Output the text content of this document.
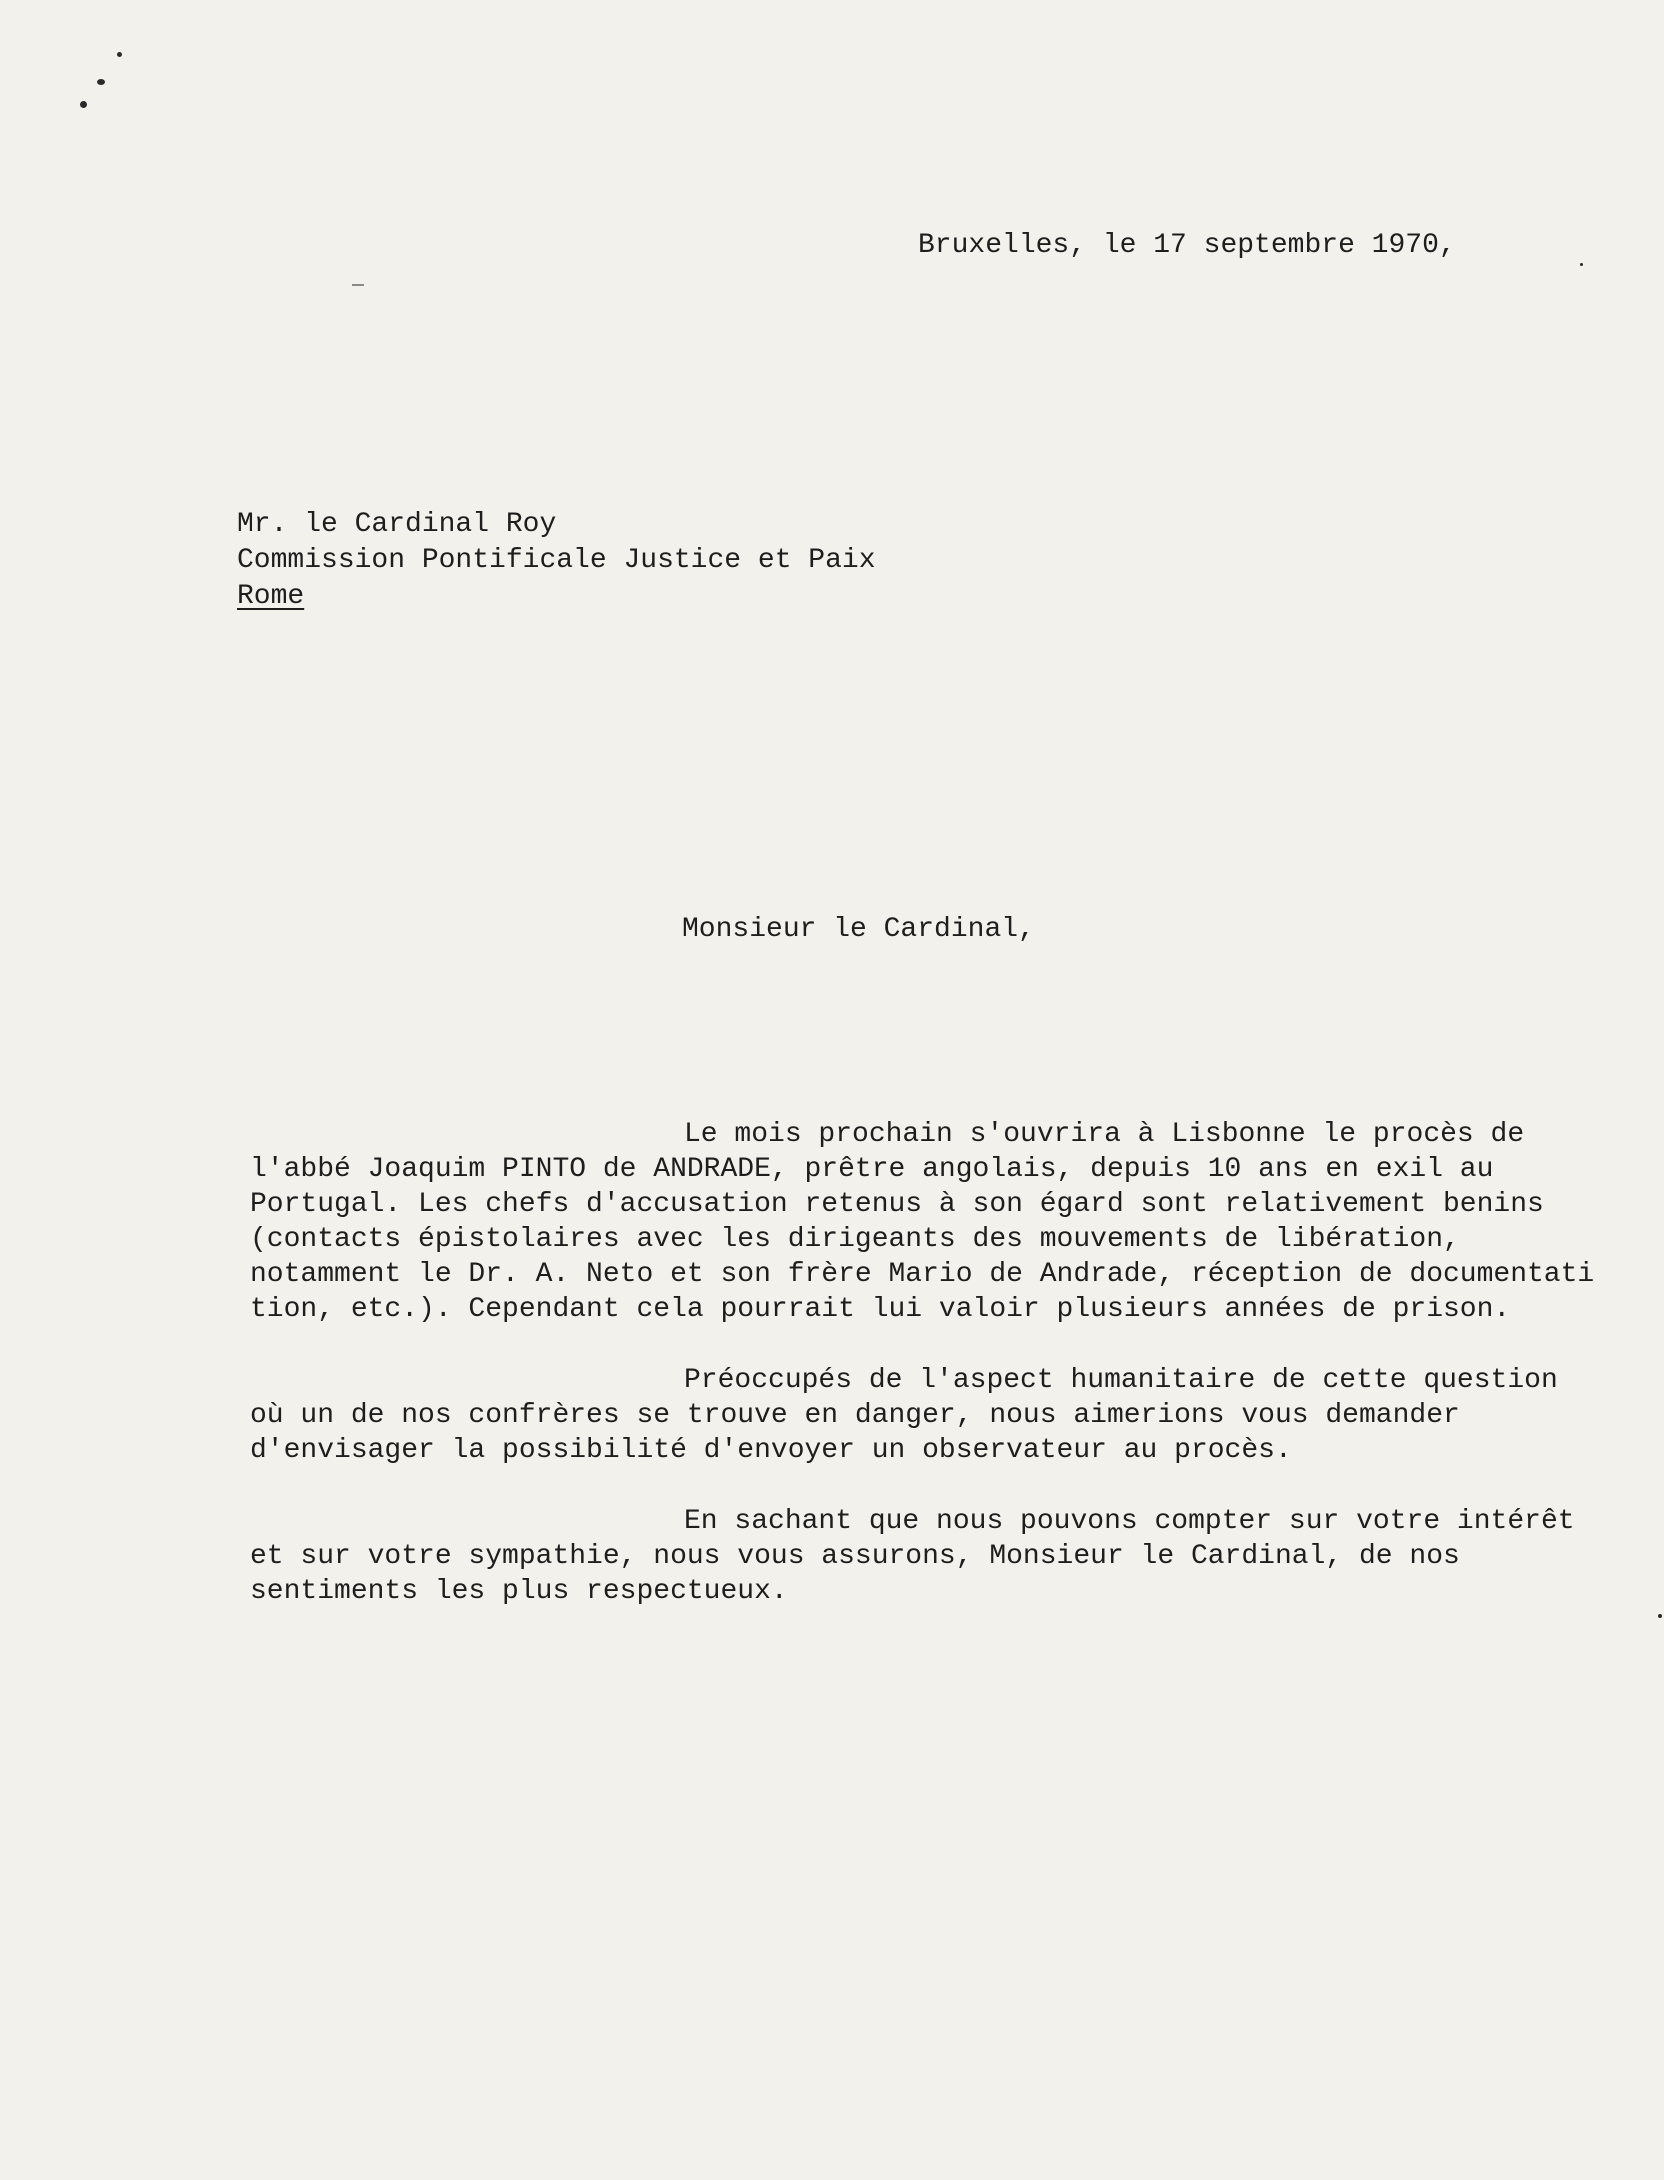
Bruxelles, le 17 septembre 1970,
Mr. le Cardinal Roy
Commission Pontificale Justice et Paix
Rome
Monsieur le Cardinal,
Le mois prochain s'ouvrira à Lisbonne le procès de
l'abbé Joaquim PINTO de ANDRADE, prêtre angolais, depuis 10 ans en exil au
Portugal. Les chefs d'accusation retenus à son égard sont relativement benins
(contacts épistolaires avec les dirigeants des mouvements de libération,
notamment le Dr. A. Neto et son frère Mario de Andrade, réception de documentati
tion, etc.). Cependant cela pourrait lui valoir plusieurs années de prison.
Préoccupés de l'aspect humanitaire de cette question
où un de nos confrères se trouve en danger, nous aimerions vous demander
d'envisager la possibilité d'envoyer un observateur au procès.
En sachant que nous pouvons compter sur votre intérêt
et sur votre sympathie, nous vous assurons, Monsieur le Cardinal, de nos
sentiments les plus respectueux.
